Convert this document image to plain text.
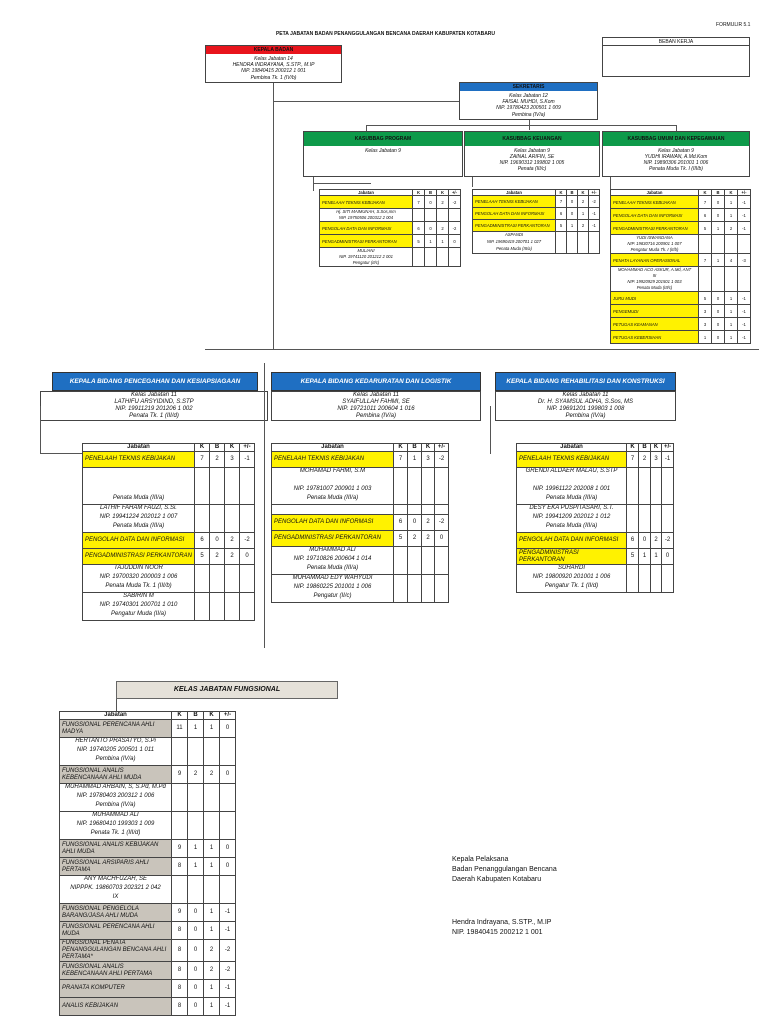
FORMULIR 5.1
PETA JABATAN BADAN PENANGGULANGAN BENCANA DAERAH KABUPATEN KOTABARU
BEBAN KERJA
KEPALA BADAN
Kelas Jabatan 14
HENDRA INDRAYANA, S.STP., M.IP
NIP. 19840415 200212 1 001
Pembina Tk. 1 (IV/b)
SEKRETARIS
Kelas Jabatan 12
FAISAL MUHDI, S.Kom
NIP. 19780423 200501 1 009
Pembina (IV/a)
KASUBBAG PROGRAM
Kelas Jabatan 9
KASUBBAG KEUANGAN
Kelas Jabatan 9
ZAINAL ARIFIN, SE
NIP. 19690312 199802 1 005
Penata (III/c)
KASUBBAG UMUM DAN KEPEGAWAIAN
Kelas Jabatan 9
YUDHI IRAWAN, A.Md.Kom
NIP. 19890306 201001 1 006
Penata Muda Tk. I (III/b)
Jabatan	K	B	K	+/-
PENELAAH TEKNIS KEBIJAKAN	7	0	2	-2

Hj. SITI MAIMUNAH, S.Sos,mm
NIP. 19750506 200312 2 004				

PENGOLAH DATA DAN INFORMASI	6	0	2	-2
PENGADMINISTRASI PERKANTORAN	5	1	1	0

MULIANI
NIP. 19741120 201212 2 001
Pengatur (II/c)				

Jabatan	K	B	K	+/-
PENELAAH TEKNIS KEBIJAKAN	7	0	2	-2
PENGOLAH DATA DAN INFORMASI	6	0	1	-1
PENGADMINISTRASI PERKANTORAN	5	1	2	-1

ASPANDI
NIP. 19690419 200701 1 027
Penata Muda (III/a)				

Jabatan	K	B	K	+/-
PENELAAH TEKNIS KEBIJAKAN	7	0	1	-1
PENGOLAH DATA DAN INFORMASI	6	0	1	-1
PENGADMINISTRASI PERKANTORAN	5	1	2	-1

YUDI ISWANDANA
NIP. 19830716 200901 1 007
Pengatur Muda Tk. I (II/b)				

PENATA LAYANAN OPERASIONAL	7	1	4	-3

MOHAMMAD ACO ASKUR, A.Md, ANT
III
NIP. 19920929 201501 1 003
Penata Muda (III/c)				

JURU MUDI	5	0	1	-1
PENGEMUDI	3	0	1	-1
PETUGAS KEAMANAN	3	0	1	-1
PETUGAS KEBERSIHAN	1	0	1	-1
KEPALA BIDANG PENCEGAHAN DAN KESIAPSIAGAAN	KEPALA BIDANG KEDARURATAN DAN LOGISTIK	KEPALA BIDANG REHABILITASI DAN KONSTRUKSI
Kelas Jabatan 11
LATHIFU ARSYIDIND, S.STP
NIP. 19911219 201206 1 002
Penata Tk. 1 (III/d)
Kelas Jabatan 11
SYAIFULLAH FAHMI, SE
NIP. 19721011 200604 1 016
Pembina (IV/a)
Kelas Jabatan 11
Dr. H. SYAMSUL ADHA, S.Sos, MS
NIP. 19691201 199803 1 008
Pembina (IV/a)
Jabatan	K	B	K	+/-
PENELAAH TEKNIS KEBIJAKAN	7	2	3	-1

Penata Muda (III/a)				

LATHIF FAHAM FAUZI, S.Si.
NIP. 19941224 202012 1 007
Penata Muda (III/a)				

PENGOLAH DATA DAN INFORMASI	6	0	2	-2
PENGADMINISTRASI PERKANTORAN	5	2	2	0

TAJUDDIN NOOR
NIP. 19700320 200003 1 006
Penata Muda Tk. 1 (III/b)				

SABIRIN M
NIP. 19740301 200701 1 010
Pengatur Muda (II/a)				

Jabatan	K	B	K	+/-
PENELAAH TEKNIS KEBIJAKAN	7	1	3	-2

MOHAMAD FAHMI, S.M
NIP. 19781007 200901 1 003
Penata Muda (III/a)				

PENGOLAH DATA DAN INFORMASI	6	0	2	-2
PENGADMINISTRASI PERKANTORAN	5	2	2	0

MUHAMMAD ALI
NIP. 19710826 200604 1 014
Penata Muda (III/a)				

MUHAMMAD EDY WAHYUDI
NIP. 19860225 201001 1 006
Pengatur (II/c)				

Jabatan	K	B	K	+/-
PENELAAH TEKNIS KEBIJAKAN	7	2	3	-1

GRENDI ALDAER MALAU, S.STP
NIP. 19961122 202008 1 001
Penata Muda (III/a)				

DESY EKA PUSPITASARI, S.T.
NIP. 19941209 202012 1 012
Penata Muda (III/a)				

PENGOLAH DATA DAN INFORMASI	6	0	2	-2
PENGADMINISTRASI PERKANTORAN	5	1	1	0

SUHARDI
NIP. 19800920 201001 1 006
Pengatur Tk. 1 (II/d)				

KELAS JABATAN FUNGSIONAL
Jabatan	K	B	K	+/-
FUNGSIONAL PERENCANA AHLI MADYA	11	1	1	0

HERTANTO PRASATYO, S.Pi
NIP. 19740205 200501 1 011
Pembina (IV/a)				

FUNGSIONAL ANALIS KEBENCANAAN AHLI MUDA	9	2	2	0

MUHAMMAD ARBAIN, S, S.Pd, M.Pd
NIP. 19780403 200312 1 006
Pembina (IV/a)				

MUHAMMAD ALI
NIP. 19680410 199303 1 009
Penata Tk. 1 (III/d)				

FUNGSIONAL ANALIS KEBIJAKAN AHLI MUDA	9	1	1	0
FUNGSIONAL ARSIPARIS AHLI PERTAMA	8	1	1	0

ANY MACHFUZAH, SE
NIPPPK. 19860703 202321 2 042
IX				

FUNGSIONAL PENGELOLA BARANG/JASA AHLI MUDA	9	0	1	-1
FUNGSIONAL PERENCANA AHLI MUDA	8	0	1	-1
FUNGSIONAL PENATA PENANGGULANGAN BENCANA AHLI PERTAMA*	8	0	2	-2
FUNGSIONAL ANALIS KEBENCANAAN AHLI PERTAMA	8	0	2	-2
PRANATA KOMPUTER	8	0	1	-1
ANALIS KEBIJAKAN	8	0	1	-1
Kepala Pelaksana
Badan Penanggulangan Bencana
Daerah Kabupaten Kotabaru
Hendra Indrayana, S.STP., M.IP
NIP. 19840415 200212 1 001
